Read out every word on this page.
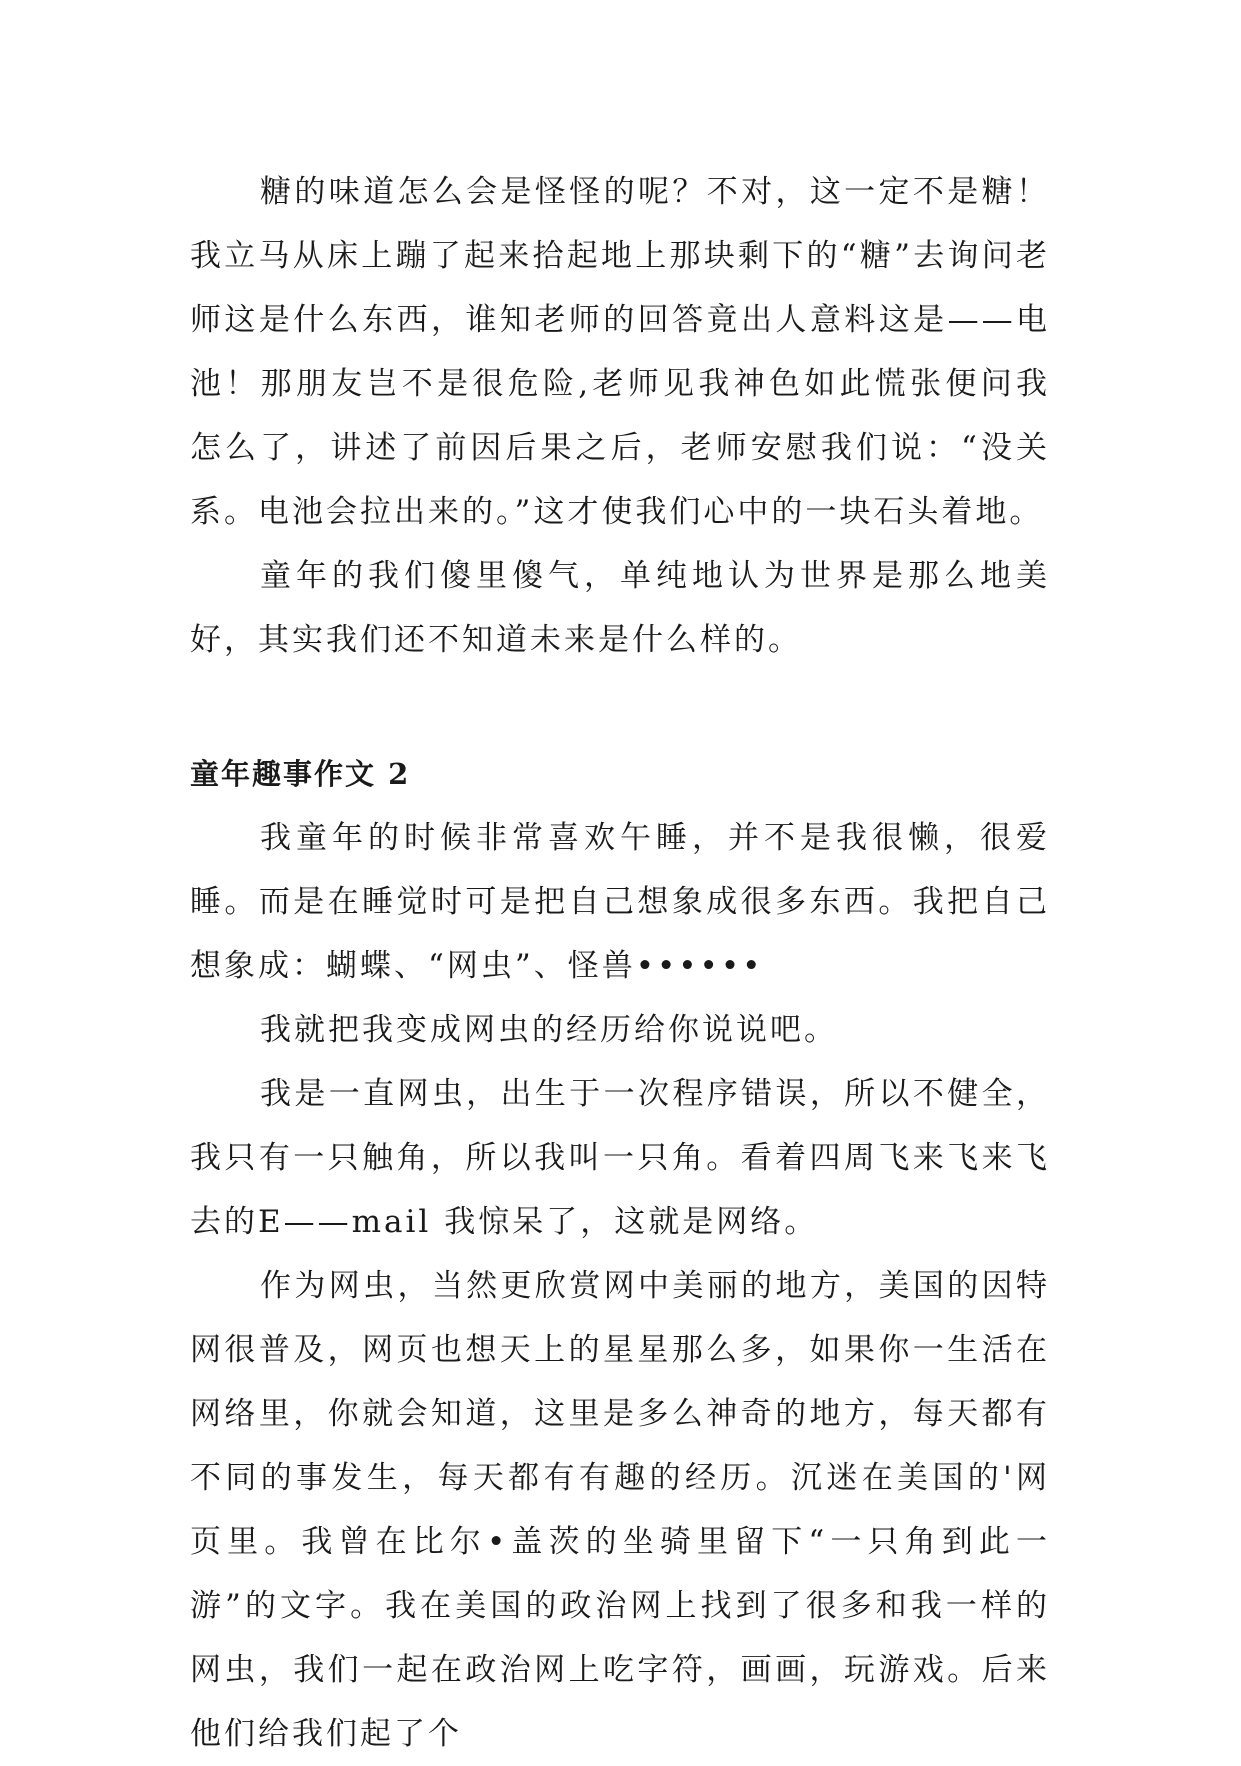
糖的味道怎么会是怪怪的呢？不对，这一定不是糖！我立马从床上蹦了起来拾起地上那块剩下的“糖”去询问老师这是什么东西，谁知老师的回答竟出人意料这是——电池！那朋友岂不是很危险,老师见我神色如此慌张便问我怎么了，讲述了前因后果之后，老师安慰我们说：“没关系。电池会拉出来的。”这才使我们心中的一块石头着地。

童年的我们傻里傻气，单纯地认为世界是那么地美好，其实我们还不知道未来是什么样的。

童年趣事作文 2

我童年的时候非常喜欢午睡，并不是我很懒，很爱睡。而是在睡觉时可是把自己想象成很多东西。我把自己想象成：蝴蝶、“网虫”、怪兽••••••

我就把我变成网虫的经历给你说说吧。

我是一直网虫，出生于一次程序错误，所以不健全，我只有一只触角，所以我叫一只角。看着四周飞来飞来飞去的E——mail 我惊呆了，这就是网络。

作为网虫，当然更欣赏网中美丽的地方，美国的因特网很普及，网页也想天上的星星那么多，如果你一生活在网络里，你就会知道，这里是多么神奇的地方，每天都有不同的事发生，每天都有有趣的经历。沉迷在美国的'网页里。我曾在比尔•盖茨的坐骑里留下“一只角到此一游”的文字。我在美国的政治网上找到了很多和我一样的网虫，我们一起在政治网上吃字符，画画，玩游戏。后来他们给我们起了个
